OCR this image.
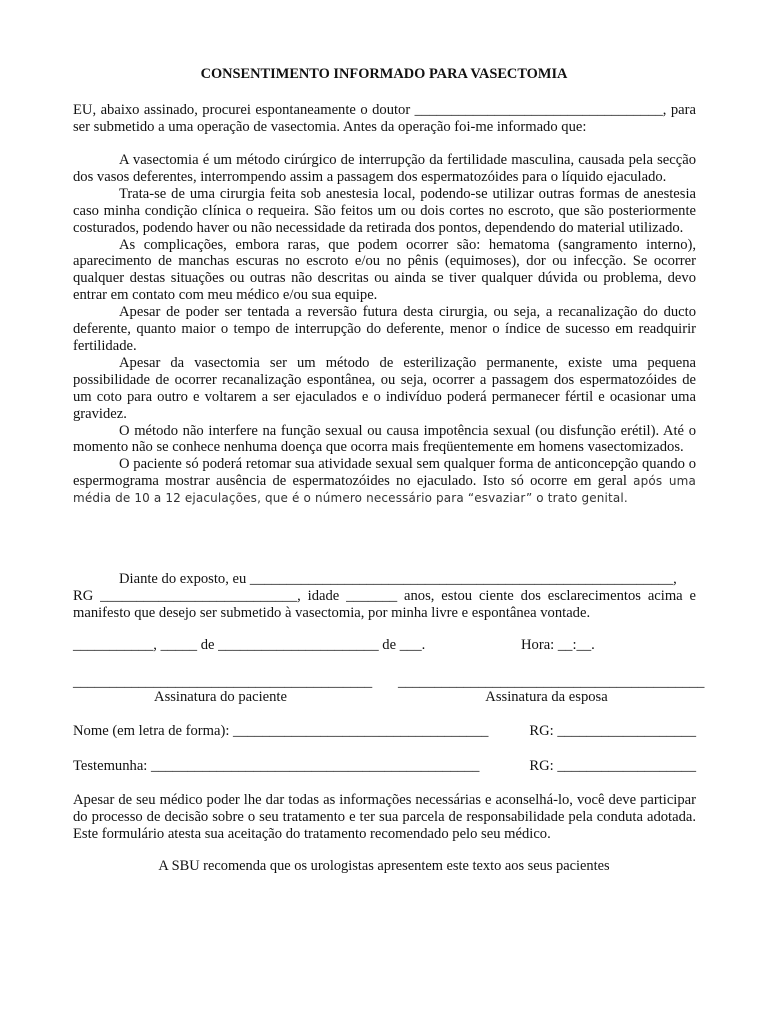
CONSENTIMENTO INFORMADO PARA VASECTOMIA

EU, abaixo assinado, procurei espontaneamente o doutor __________________________________, para ser submetido a uma operação de vasectomia. Antes da operação foi-me informado que:

A vasectomia é um método cirúrgico de interrupção da fertilidade masculina, causada pela secção dos vasos deferentes, interrompendo assim a passagem dos espermatozóides para o líquido ejaculado.

Trata-se de uma cirurgia feita sob anestesia local, podendo-se utilizar outras formas de anestesia caso minha condição clínica o requeira. São feitos um ou dois cortes no escroto, que são posteriormente costurados, podendo haver ou não necessidade da retirada dos pontos, dependendo do material utilizado.

As complicações, embora raras, que podem ocorrer são: hematoma (sangramento interno), aparecimento de manchas escuras no escroto e/ou no pênis (equimoses), dor ou infecção. Se ocorrer qualquer destas situações ou outras não descritas ou ainda se tiver qualquer dúvida ou problema, devo entrar em contato com meu médico e/ou sua equipe.

Apesar de poder ser tentada a reversão futura desta cirurgia, ou seja, a recanalização do ducto deferente, quanto maior o tempo de interrupção do deferente, menor o índice de sucesso em readquirir fertilidade.

Apesar da vasectomia ser um método de esterilização permanente, existe uma pequena possibilidade de ocorrer recanalização espontânea, ou seja, ocorrer a passagem dos espermatozóides de um coto para outro e voltarem a ser ejaculados e o indivíduo poderá permanecer fértil e ocasionar uma gravidez.

O método não interfere na função sexual ou causa impotência sexual (ou disfunção erétil). Até o momento não se conhece nenhuma doença que ocorra mais freqüentemente em homens vasectomizados.

O paciente só poderá retomar sua atividade sexual sem qualquer forma de anticoncepção quando o espermograma mostrar ausência de espermatozóides no ejaculado. Isto só ocorre em geral após uma média de 10 a 12 ejaculações, que é o número necessário para “esvaziar” o trato genital.

Diante do exposto, eu __________________________________________________________,

RG ___________________________, idade _______ anos, estou ciente dos esclarecimentos acima e manifesto que desejo ser submetido à vasectomia, por minha livre e espontânea vontade.

___________, _____ de ______________________ de ___.	Hora: __:__.
_________________________________________ __________________________________________
Assinatura do paciente	Assinatura da esposa
Nome (em letra de forma): ___________________________________	RG: ___________________
Testemunha: _____________________________________________	RG: ___________________

Apesar de seu médico poder lhe dar todas as informações necessárias e aconselhá-lo, você deve participar do processo de decisão sobre o seu tratamento e ter sua parcela de responsabilidade pela conduta adotada. Este formulário atesta sua aceitação do tratamento recomendado pelo seu médico.

A SBU recomenda que os urologistas apresentem este texto aos seus pacientes
